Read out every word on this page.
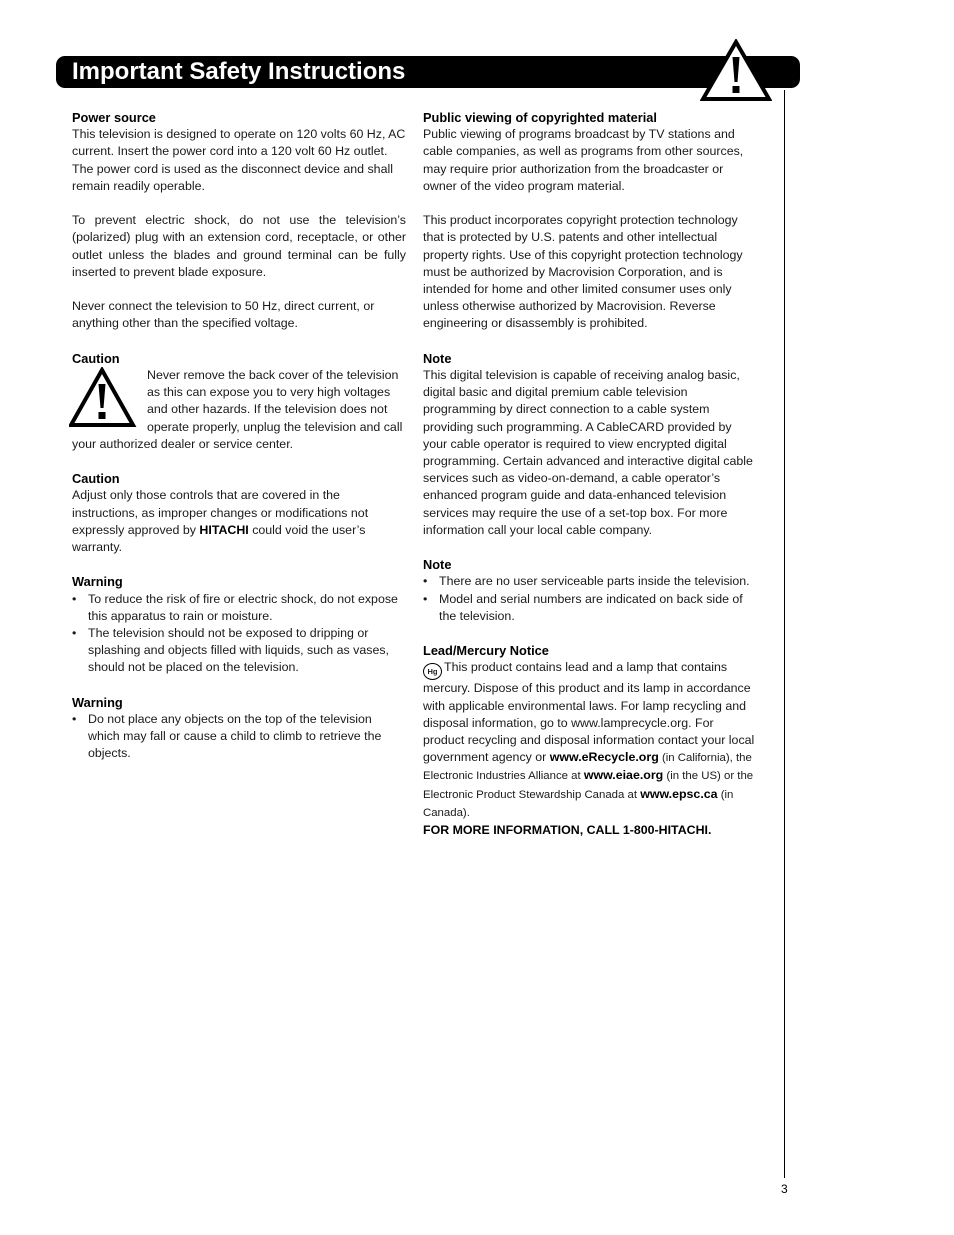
Important Safety Instructions
Power source

This television is designed to operate on 120 volts 60 Hz, AC current. Insert the power cord into a 120 volt 60 Hz outlet. The power cord is used as the disconnect device and shall remain readily operable.

To prevent electric shock, do not use the television’s (polarized) plug with an extension cord, receptacle, or other outlet unless the blades and ground terminal can be fully inserted to prevent blade exposure.

Never connect the television to 50 Hz, direct current, or anything other than the specified voltage.

Caution

Never remove the back cover of the television as this can expose you to very high voltages and other hazards. If the television does not operate properly, unplug the television and call your authorized dealer or service center.

Caution

Adjust only those controls that are covered in the instructions, as improper changes or modifications not expressly approved by HITACHI could void the user’s warranty.

Warning
• To reduce the risk of fire or electric shock, do not expose this apparatus to rain or moisture.
• The television should not be exposed to dripping or splashing and objects filled with liquids, such as vases, should not be placed on the television.
Warning
• Do not place any objects on the top of the television which may fall or cause a child to climb to retrieve the objects.
Public viewing of copyrighted material

Public viewing of programs broadcast by TV stations and cable companies, as well as programs from other sources, may require prior authorization from the broadcaster or owner of the video program material.

This product incorporates copyright protection technology that is protected by U.S. patents and other intellectual property rights. Use of this copyright protection technology must be authorized by Macrovision Corporation, and is intended for home and other limited consumer uses only unless otherwise authorized by Macrovision. Reverse engineering or disassembly is prohibited.

Note

This digital television is capable of receiving analog basic, digital basic and digital premium cable television programming by direct connection to a cable system providing such programming. A CableCARD provided by your cable operator is required to view encrypted digital programming. Certain advanced and interactive digital cable services such as video-on-demand, a cable operator’s enhanced program guide and data-enhanced television services may require the use of a set-top box. For more information call your local cable company.

Note
• There are no user serviceable parts inside the television.
• Model and serial numbers are indicated on back side of the television.
Lead/Mercury Notice

Hg This product contains lead and a lamp that contains mercury. Dispose of this product and its lamp in accordance with applicable environmental laws. For lamp recycling and disposal information, go to www.lamprecycle.org. For product recycling and disposal information contact your local government agency or www.eRecycle.org (in California), the Electronic Industries Alliance at www.eiae.org (in the US) or the Electronic Product Stewardship Canada at www.epsc.ca (in Canada).

FOR MORE INFORMATION, CALL 1-800-HITACHI.

3
